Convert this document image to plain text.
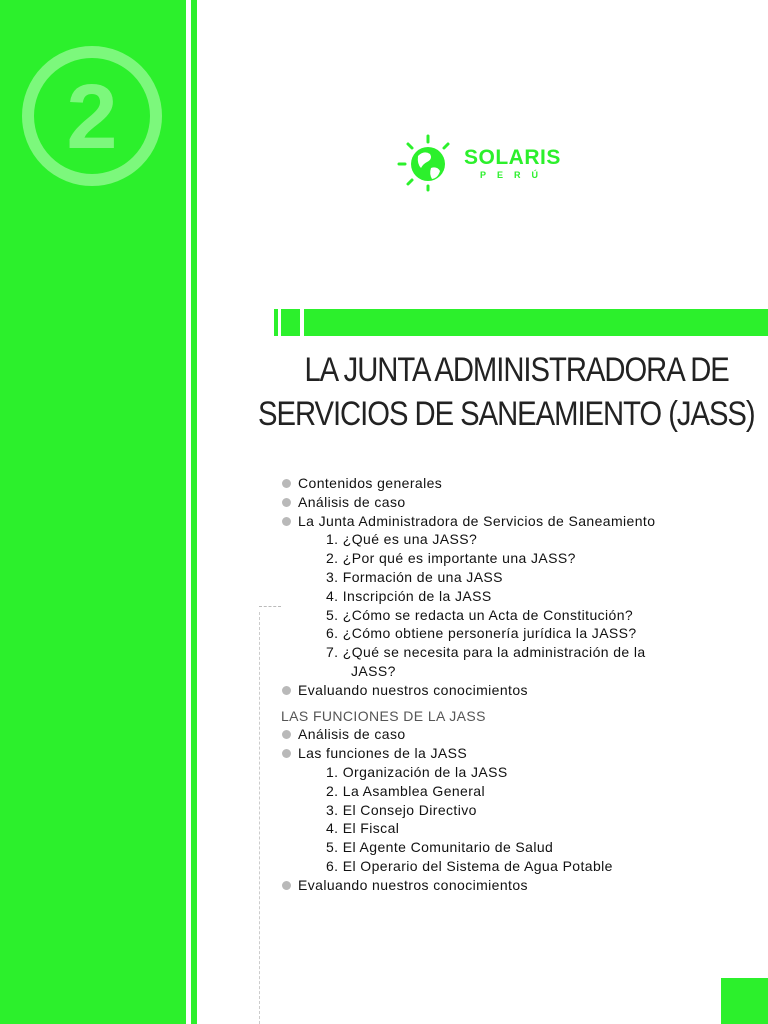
2	SOLARIS
PERÚ
LA JUNTA ADMINISTRADORA DE
SERVICIOS DE SANEAMIENTO (JASS)
Contenidos generales
Análisis de caso
La Junta Administradora de Servicios de Saneamiento
1. ¿Qué es una JASS?
2. ¿Por qué es importante una JASS?
3. Formación de una JASS
4. Inscripción de la JASS
5. ¿Cómo se redacta un Acta de Constitución?
6. ¿Cómo obtiene personería jurídica la JASS?
7. ¿Qué se necesita para la administración de la
JASS?
Evaluando nuestros conocimientos
LAS FUNCIONES DE LA JASS
Análisis de caso
Las funciones de la JASS
1. Organización de la JASS
2. La Asamblea General
3. El Consejo Directivo
4. El Fiscal
5. El Agente Comunitario de Salud
6. El Operario del Sistema de Agua Potable
Evaluando nuestros conocimientos
